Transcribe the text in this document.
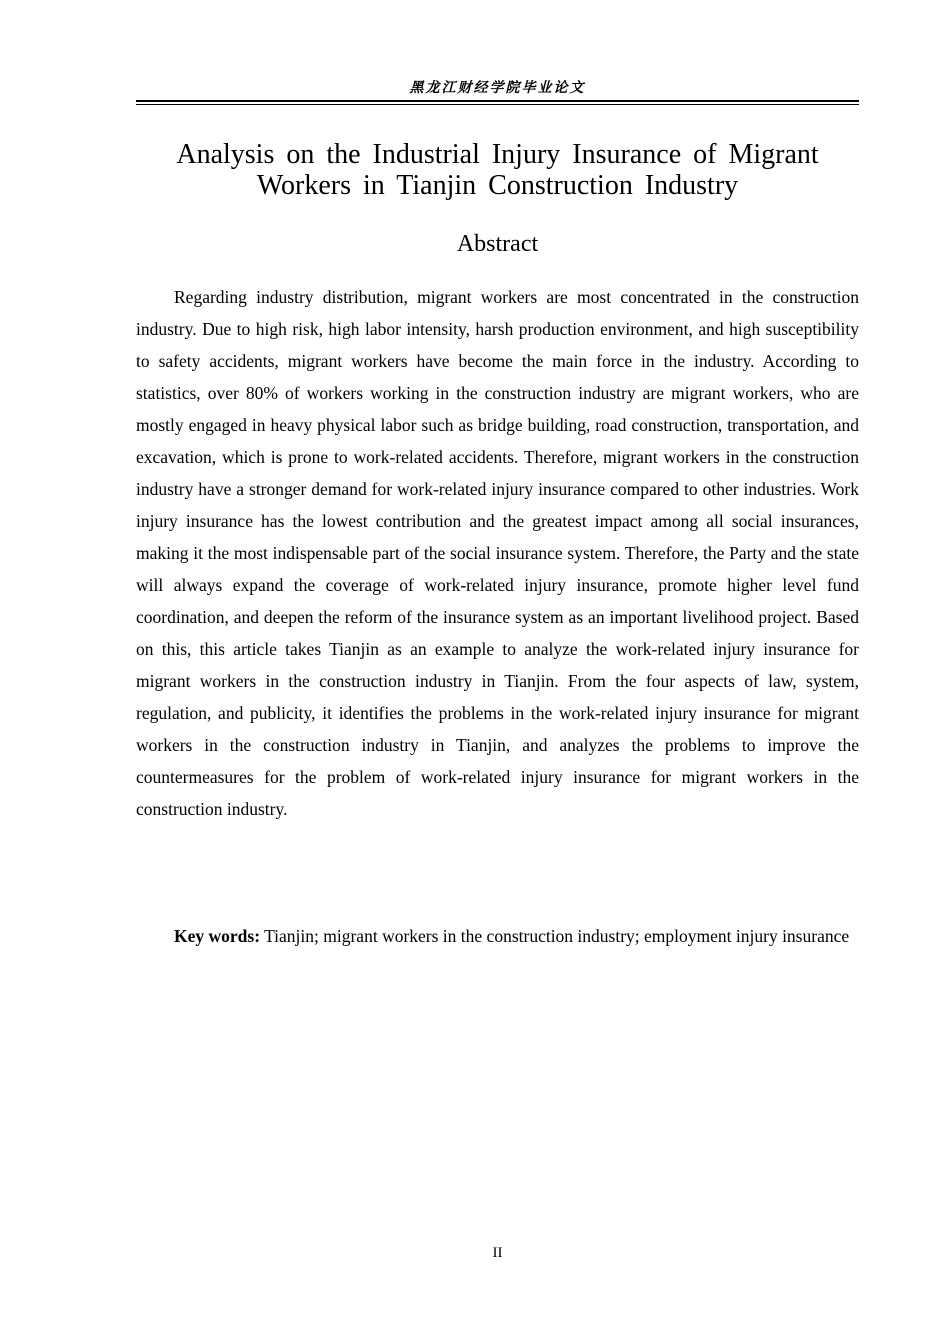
黑龙江财经学院毕业论文
Analysis on the Industrial Injury Insurance of Migrant Workers in Tianjin Construction Industry
Abstract

Regarding industry distribution, migrant workers are most concentrated in the construction industry. Due to high risk, high labor intensity, harsh production environment, and high susceptibility to safety accidents, migrant workers have become the main force in the industry. According to statistics, over 80% of workers working in the construction industry are migrant workers, who are mostly engaged in heavy physical labor such as bridge building, road construction, transportation, and excavation, which is prone to work-related accidents. Therefore, migrant workers in the construction industry have a stronger demand for work-related injury insurance compared to other industries. Work injury insurance has the lowest contribution and the greatest impact among all social insurances, making it the most indispensable part of the social insurance system. Therefore, the Party and the state will always expand the coverage of work-related injury insurance, promote higher level fund coordination, and deepen the reform of the insurance system as an important livelihood project. Based on this, this article takes Tianjin as an example to analyze the work-related injury insurance for migrant workers in the construction industry in Tianjin. From the four aspects of law, system, regulation, and publicity, it identifies the problems in the work-related injury insurance for migrant workers in the construction industry in Tianjin, and analyzes the problems to improve the countermeasures for the problem of work-related injury insurance for migrant workers in the construction industry.

Key words: Tianjin; migrant workers in the construction industry; employment injury insurance

II
